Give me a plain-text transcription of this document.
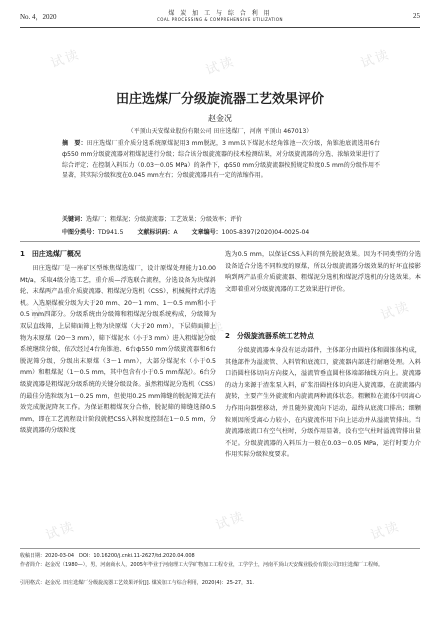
No. 4，2020	煤 炭 加 工 与 综 合 利 用
COAL PROCESSING & COMPREHENSIVE UTILIZATION	25
试读	试读	试读
试读
试读
试读
试读	试读	试读
田庄选煤厂分级旋流器工艺效果评价
赵金况
（平顶山天安煤业股份有限公司 田庄选煤厂，河南 平顶山 467013）

摘　要：田庄选煤厂重介质分选系统原煤泥用3 mm脱泥，3 mm以下煤泥水经角锥池一次分级，角锥池底流选用6台ф550 mm分级旋流器对粗煤泥进行分级；综合该分级旋流器的技术检测结果，对分级旋流器的分选、浓缩效果进行了综合评定；在控制入料压力（0.03～0.05 MPa）的条件下，ф550 mm分级旋流器按照规定粒度0.5 mm的分级作用不显著，其实际分级粒度在0.045 mm左右；分级旋流器具有一定的浓缩作用。

关键词：选煤厂；粗煤泥；分级旋流器；工艺效果；分级效率；评价

中图分类号：TD941.5 文献标识码：A 文章编号：1005-8397(2020)04-0025-04
1　田庄选煤厂概况

田庄选煤厂是一座矿区型炼焦煤选煤厂，设计原煤处理能力10.00 Mt/a，采取4级分选工艺，重介质—浮选联合流程，分选设备为块煤斜轮、末煤两产品重介质旋流器、粗煤泥分选机（CSS），机械搅拌式浮选机。入选原煤被分级为大于20 mm、20～1 mm、1～0.5 mm和小于0.5 mm四部分。分级系统由分级筛和粗煤泥分级系统构成，分级筛为双层直线筛，上层筛面筛上物为块原煤（大于20 mm），下层筛面筛上物为末原煤（20～3 mm），筛下煤泥水（小于3 mm）进入粗煤泥分级系统继续分级，依次经过4台角锥池、6台ф550 mm分级旋流器和6台脱泥筛分级，分级出末原煤（3～1 mm），大部分煤泥水（小于0.5 mm）和粗煤泥（1～0.5 mm，其中包含有小于0.5 mm煤泥）。6台分级旋流器是粗煤泥分级系统的关键分级设备。虽然粗煤泥分选机（CSS）的最佳分选粒级为1～0.25 mm，但使用0.25 mm筛缝的脱泥筛无法有效完成脱泥降灰工作。为保证粗精煤灰分合格，脱泥筛的筛缝选择0.5 mm，即在工艺流程设计阶段就把CSS入料粒度控制在1～0.5 mm，分级旋流器的分级粒度

选为0.5 mm，以保证CSS入料的预先脱泥效果。因为不同类型的分选设备适合分选不同粒度的原煤，所以分级旋流器分级效果的好坏直接影响到两产品重介质旋流器、粗煤泥分选机和煤泥浮选机的分选效果。本文即着重对分级旋流器的工艺效果进行评价。

2　分级旋流器系统工艺特点

分级旋流器本身没有运动部件，主体部分由圆柱体和圆锥体构成，其他部件为溢流管、入料管和底流口，旋流器内部进行耐磨处理。入料口沿圆柱体切向方向接入，溢流管垂直圆柱体端部轴线方向上。旋流器的动力来源于渣浆泵入料，矿浆沿圆柱体切向进入旋流器，在旋流器内旋转，主要产生外旋流和内旋流两种流体状态。粗颗粒在流体中因离心力作用向器壁移动，并且随外旋流向下运动，最终从底流口排出；细颗粒则因所受离心力较小，在内旋流作用下向上运动并从溢流管排出。当旋流器底流口有空气柱时，分级作用显著，没有空气柱时溢流管排出量不足。分级旋流器的入料压力一般在0.03～0.05 MPa，运行时要力介作用实际分级粒度要求。

收稿日期：2020-03-04　DOI：10.16200/j.cnki.11-2627/td.2020.04.008

作者简介：赵金况（1980—），男，河南商水人，2005年毕业于河南理工大学矿物加工工程专业，工学学士，河南平顶山天安煤业股份有限公司田庄选煤厂工程师。

引用格式：赵金况. 田庄选煤厂分级旋流器工艺效果评价[J]. 煤炭加工与综合利用，2020(4)：25-27，31.
